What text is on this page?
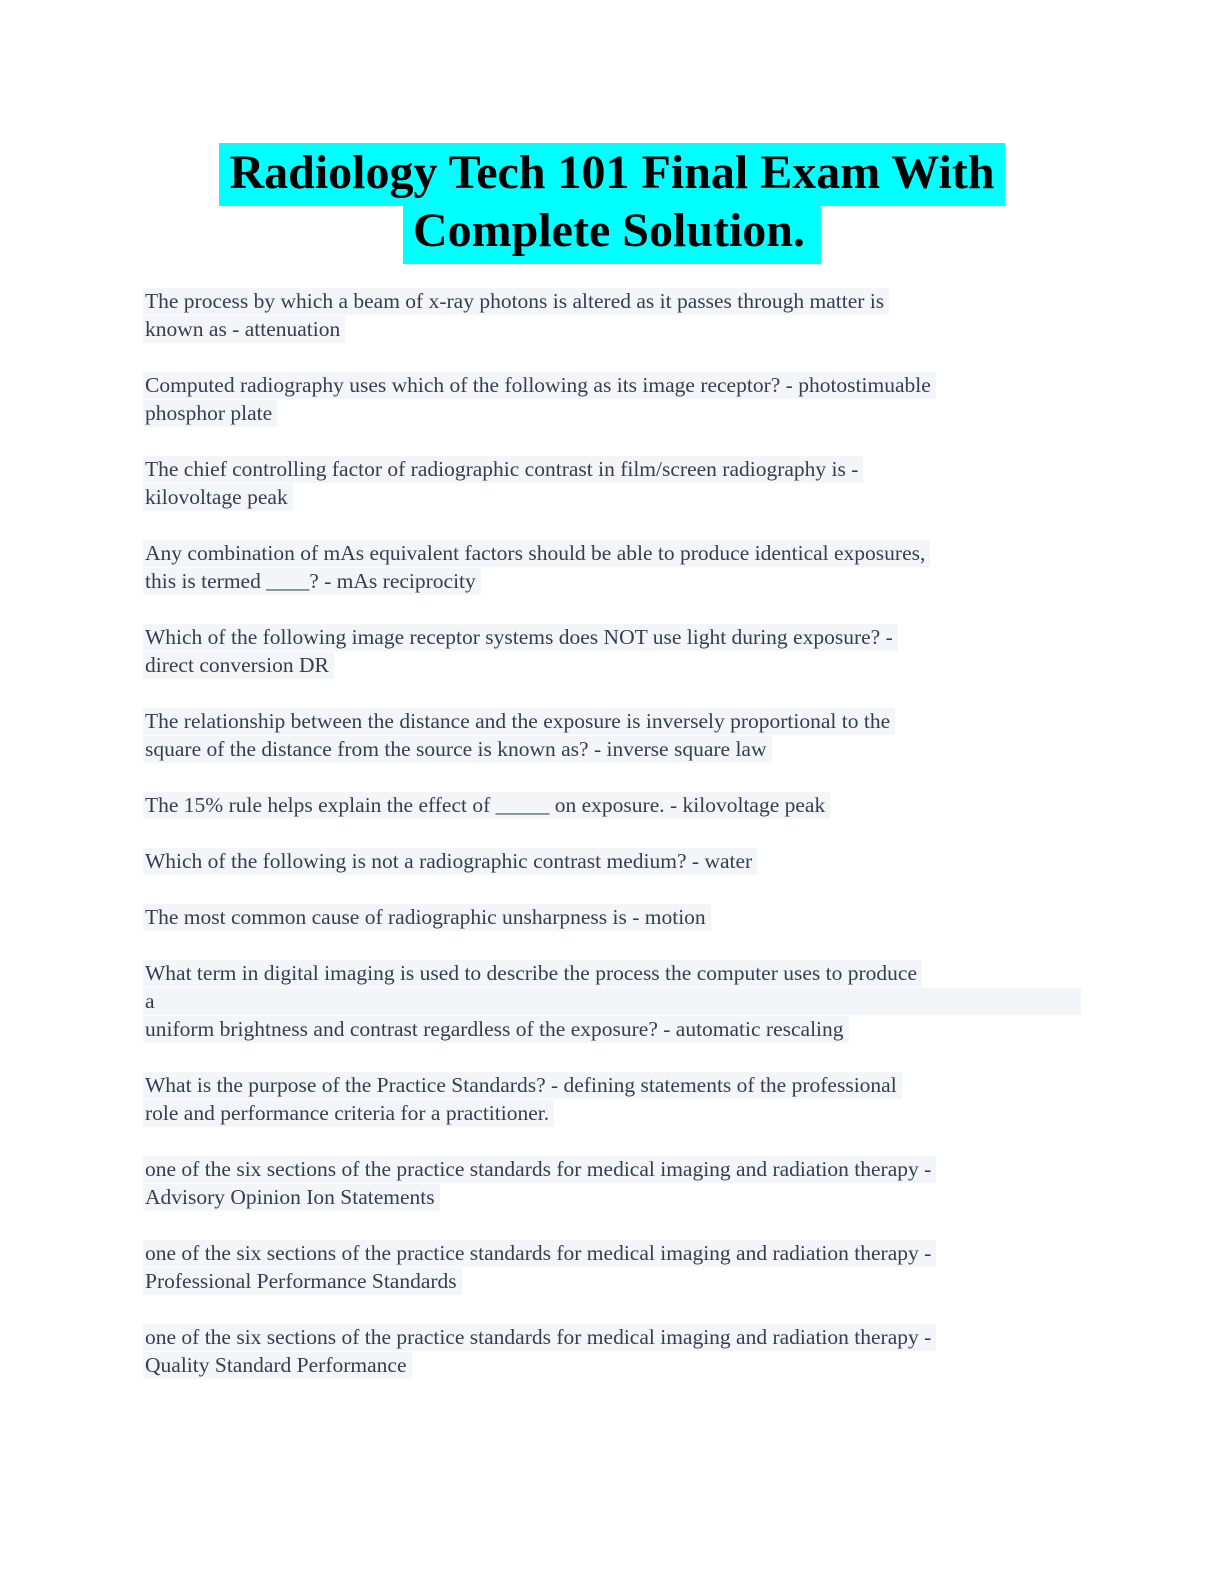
Radiology Tech 101 Final Exam With
Complete Solution.

The process by which a beam of x-ray photons is altered as it passes through matter is
known as - attenuation

Computed radiography uses which of the following as its image receptor? - photostimuable
phosphor plate

The chief controlling factor of radiographic contrast in film/screen radiography is -
kilovoltage peak

Any combination of mAs equivalent factors should be able to produce identical exposures,
this is termed ____? - mAs reciprocity

Which of the following image receptor systems does NOT use light during exposure? -
direct conversion DR

The relationship between the distance and the exposure is inversely proportional to the
square of the distance from the source is known as? - inverse square law

The 15% rule helps explain the effect of _____ on exposure. - kilovoltage peak

Which of the following is not a radiographic contrast medium? - water

The most common cause of radiographic unsharpness is - motion

What term in digital imaging is used to describe the process the computer uses to produce
a
uniform brightness and contrast regardless of the exposure? - automatic rescaling

What is the purpose of the Practice Standards? - defining statements of the professional
role and performance criteria for a practitioner.

one of the six sections of the practice standards for medical imaging and radiation therapy -
Advisory Opinion Ion Statements

one of the six sections of the practice standards for medical imaging and radiation therapy -
Professional Performance Standards

one of the six sections of the practice standards for medical imaging and radiation therapy -
Quality Standard Performance
